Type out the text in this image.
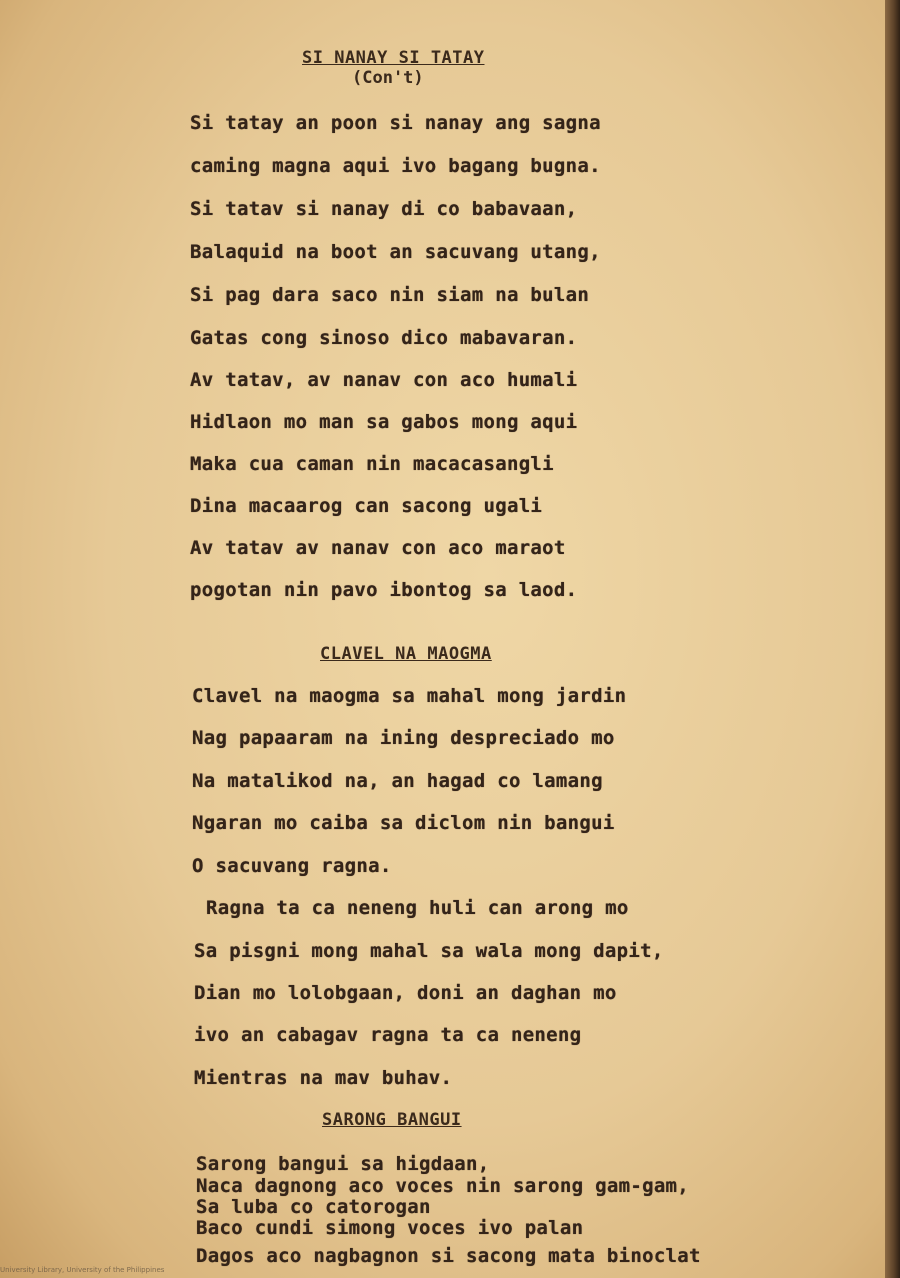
SI NANAY SI TATAY
(Con't)

Si tatay an poon si nanay ang sagna

caming magna aqui ivo bagang bugna.

Si tatav si nanay di co babavaan,

Balaquid na boot an sacuvang utang,

Si pag dara saco nin siam na bulan

Gatas cong sinoso dico mabavaran.

Av tatav, av nanav con aco humali

Hidlaon mo man sa gabos mong aqui

Maka cua caman nin macacasangli

Dina macaarog can sacong ugali

Av tatav av nanav con aco maraot

pogotan nin pavo ibontog sa laod.

CLAVEL NA MAOGMA

Clavel na maogma sa mahal mong jardin

Nag papaaram na ining despreciado mo

Na matalikod na, an hagad co lamang

Ngaran mo caiba sa diclom nin bangui

O sacuvang ragna.

Ragna ta ca neneng huli can arong mo

Sa pisgni mong mahal sa wala mong dapit,

Dian mo lolobgaan, doni an daghan mo

ivo an cabagav ragna ta ca neneng

Mientras na mav buhav.

SARONG BANGUI

Sarong bangui sa higdaan,

Naca dagnong aco voces nin sarong gam-gam,

Sa luba co catorogan

Baco cundi simong voces ivo palan

Dagos aco nagbagnon si sacong mata binoclat

University Library, University of the Philippines
